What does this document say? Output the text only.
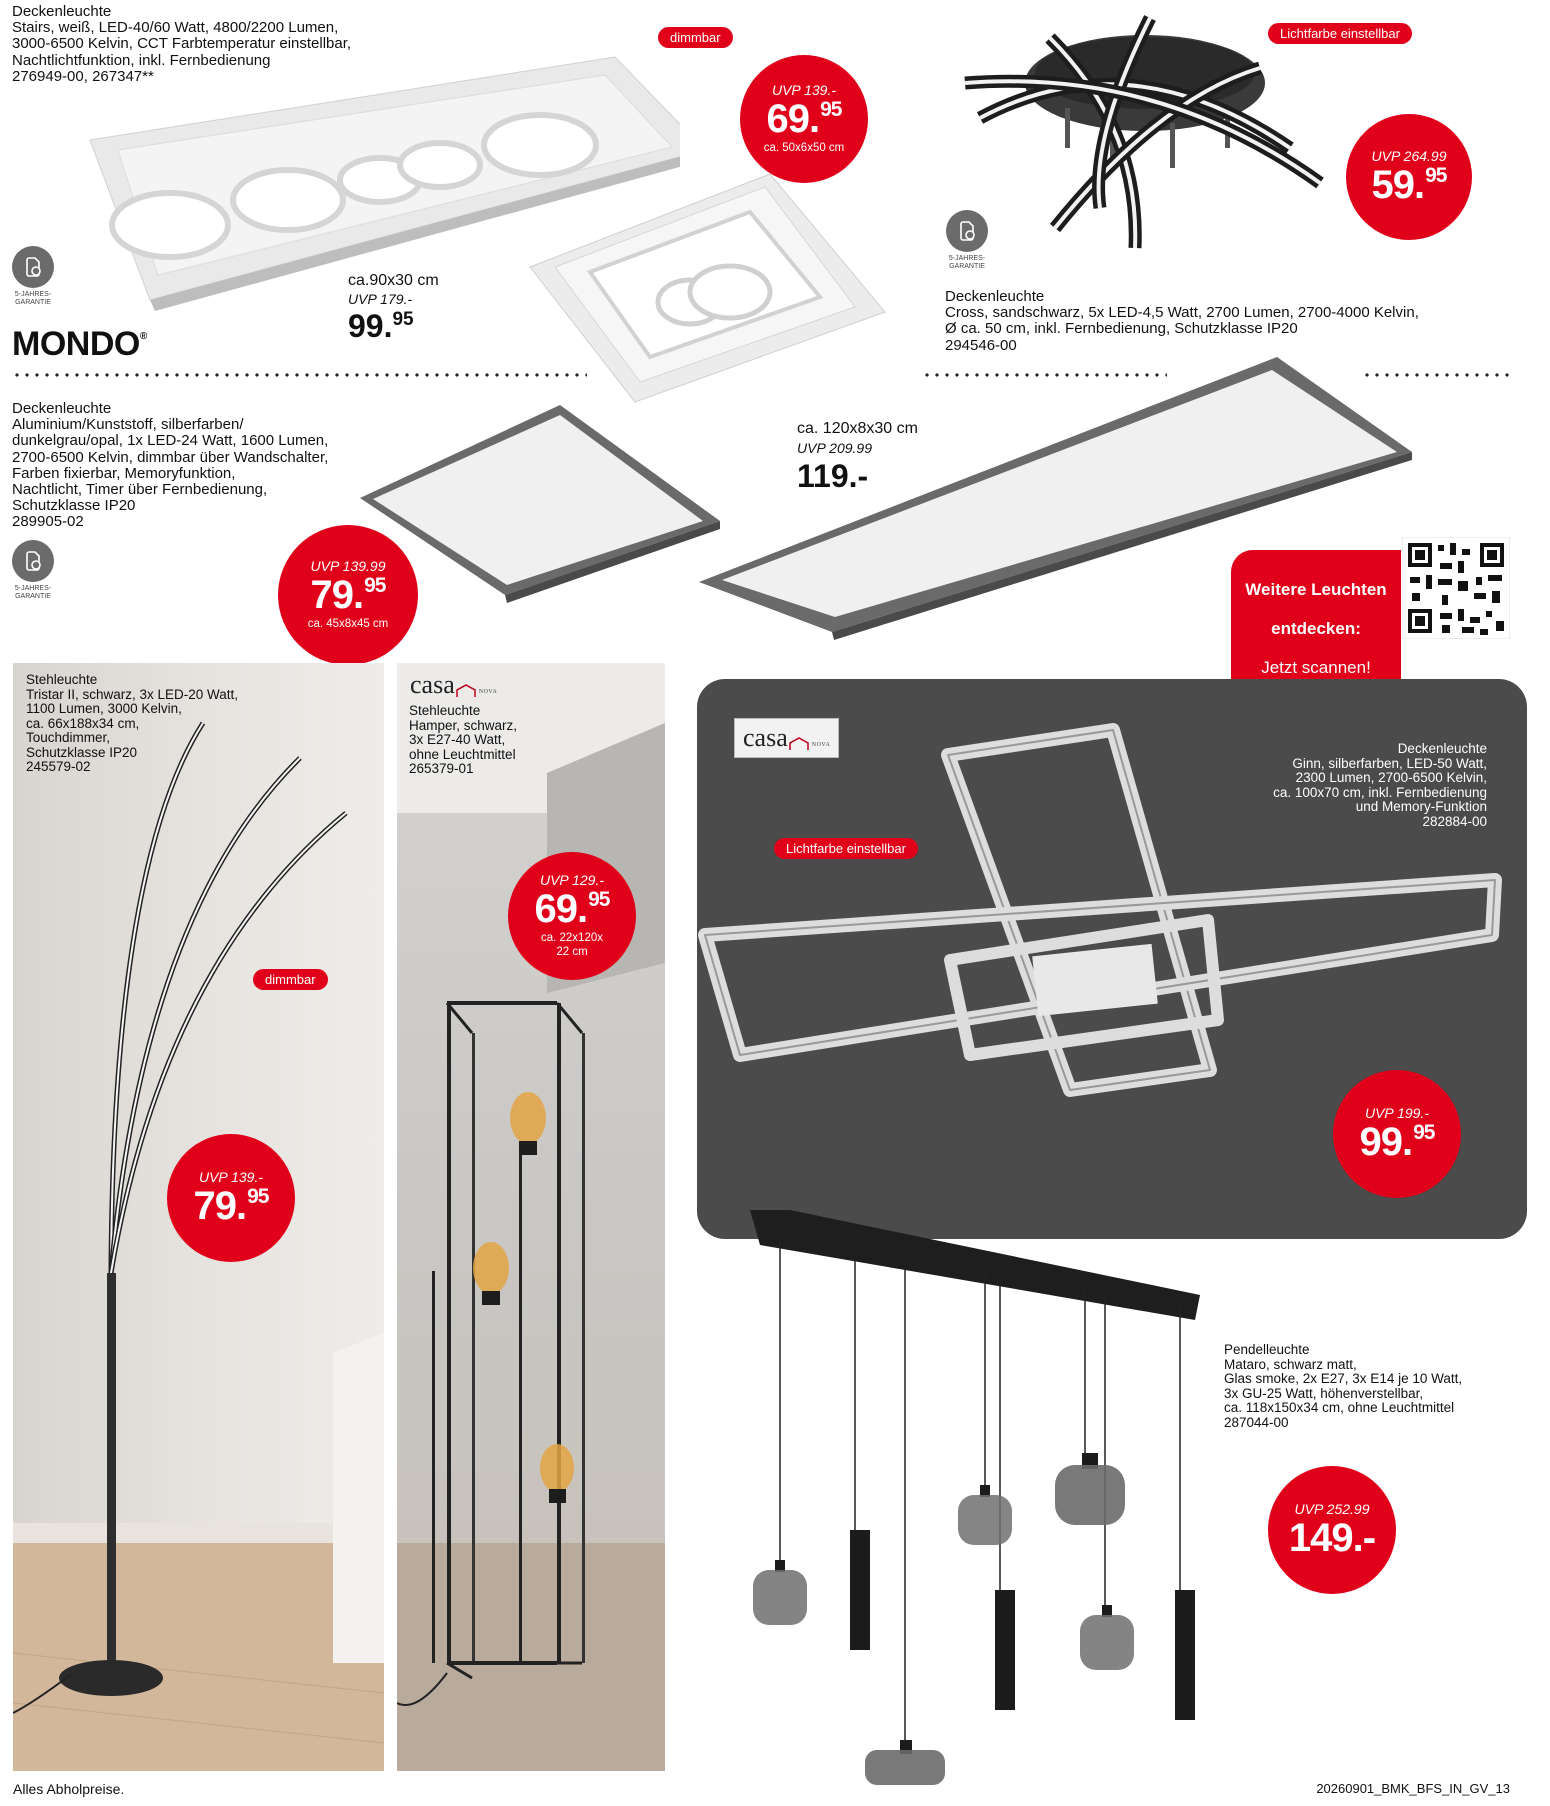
Deckenleuchte
Stairs, weiß, LED-40/60 Watt, 4800/2200 Lumen,
3000-6500 Kelvin, CCT Farbtemperatur einstellbar,
Nachtlichtfunktion, inkl. Fernbedienung
276949-00, 267347**
dimmbar
UVP 139.-
69.95
ca. 50x6x50 cm
5-JAHRES-
GARANTIE
MONDO®
ca.90x30 cm
UVP 179.-
99.95
Lichtfarbe einstellbar
UVP 264.99
59.95
5-JAHRES-
GARANTIE
Deckenleuchte
Cross, sandschwarz, 5x LED-4,5 Watt, 2700 Lumen, 2700-4000 Kelvin,
Ø ca. 50 cm, inkl. Fernbedienung, Schutzklasse IP20
294546-00
Deckenleuchte
Aluminium/Kunststoff, silberfarben/
dunkelgrau/opal, 1x LED-24 Watt, 1600 Lumen,
2700-6500 Kelvin, dimmbar über Wandschalter,
Farben fixierbar, Memoryfunktion,
Nachtlicht, Timer über Fernbedienung,
Schutzklasse IP20
289905-02
5-JAHRES-
GARANTIE
UVP 139.99
79.95
ca. 45x8x45 cm
ca. 120x8x30 cm
UVP 209.99
119.-

Weitere Leuchten

entdecken:

Jetzt scannen!

Stehleuchte
Tristar II, schwarz, 3x LED-20 Watt,
1100 Lumen, 3000 Kelvin,
ca. 66x188x34 cm,
Touchdimmer,
Schutzklasse IP20
245579-02
dimmbar
UVP 139.-
79.95
casa	NOVA
Stehleuchte
Hamper, schwarz,
3x E27-40 Watt,
ohne Leuchtmittel
265379-01
UVP 129.-
69.95
ca. 22x120x
22 cm
casa	NOVA	Deckenleuchte
Ginn, silberfarben, LED-50 Watt,
2300 Lumen, 2700-6500 Kelvin,
ca. 100x70 cm, inkl. Fernbedienung
und Memory-Funktion
282884-00
Lichtfarbe einstellbar
UVP 199.-
99.95
Pendelleuchte
Mataro, schwarz matt,
Glas smoke, 2x E27, 3x E14 je 10 Watt,
3x GU-25 Watt, höhenverstellbar,
ca. 118x150x34 cm, ohne Leuchtmittel
287044-00
UVP 252.99
149.-
Alles Abholpreise.	20260901_BMK_BFS_IN_GV_13
